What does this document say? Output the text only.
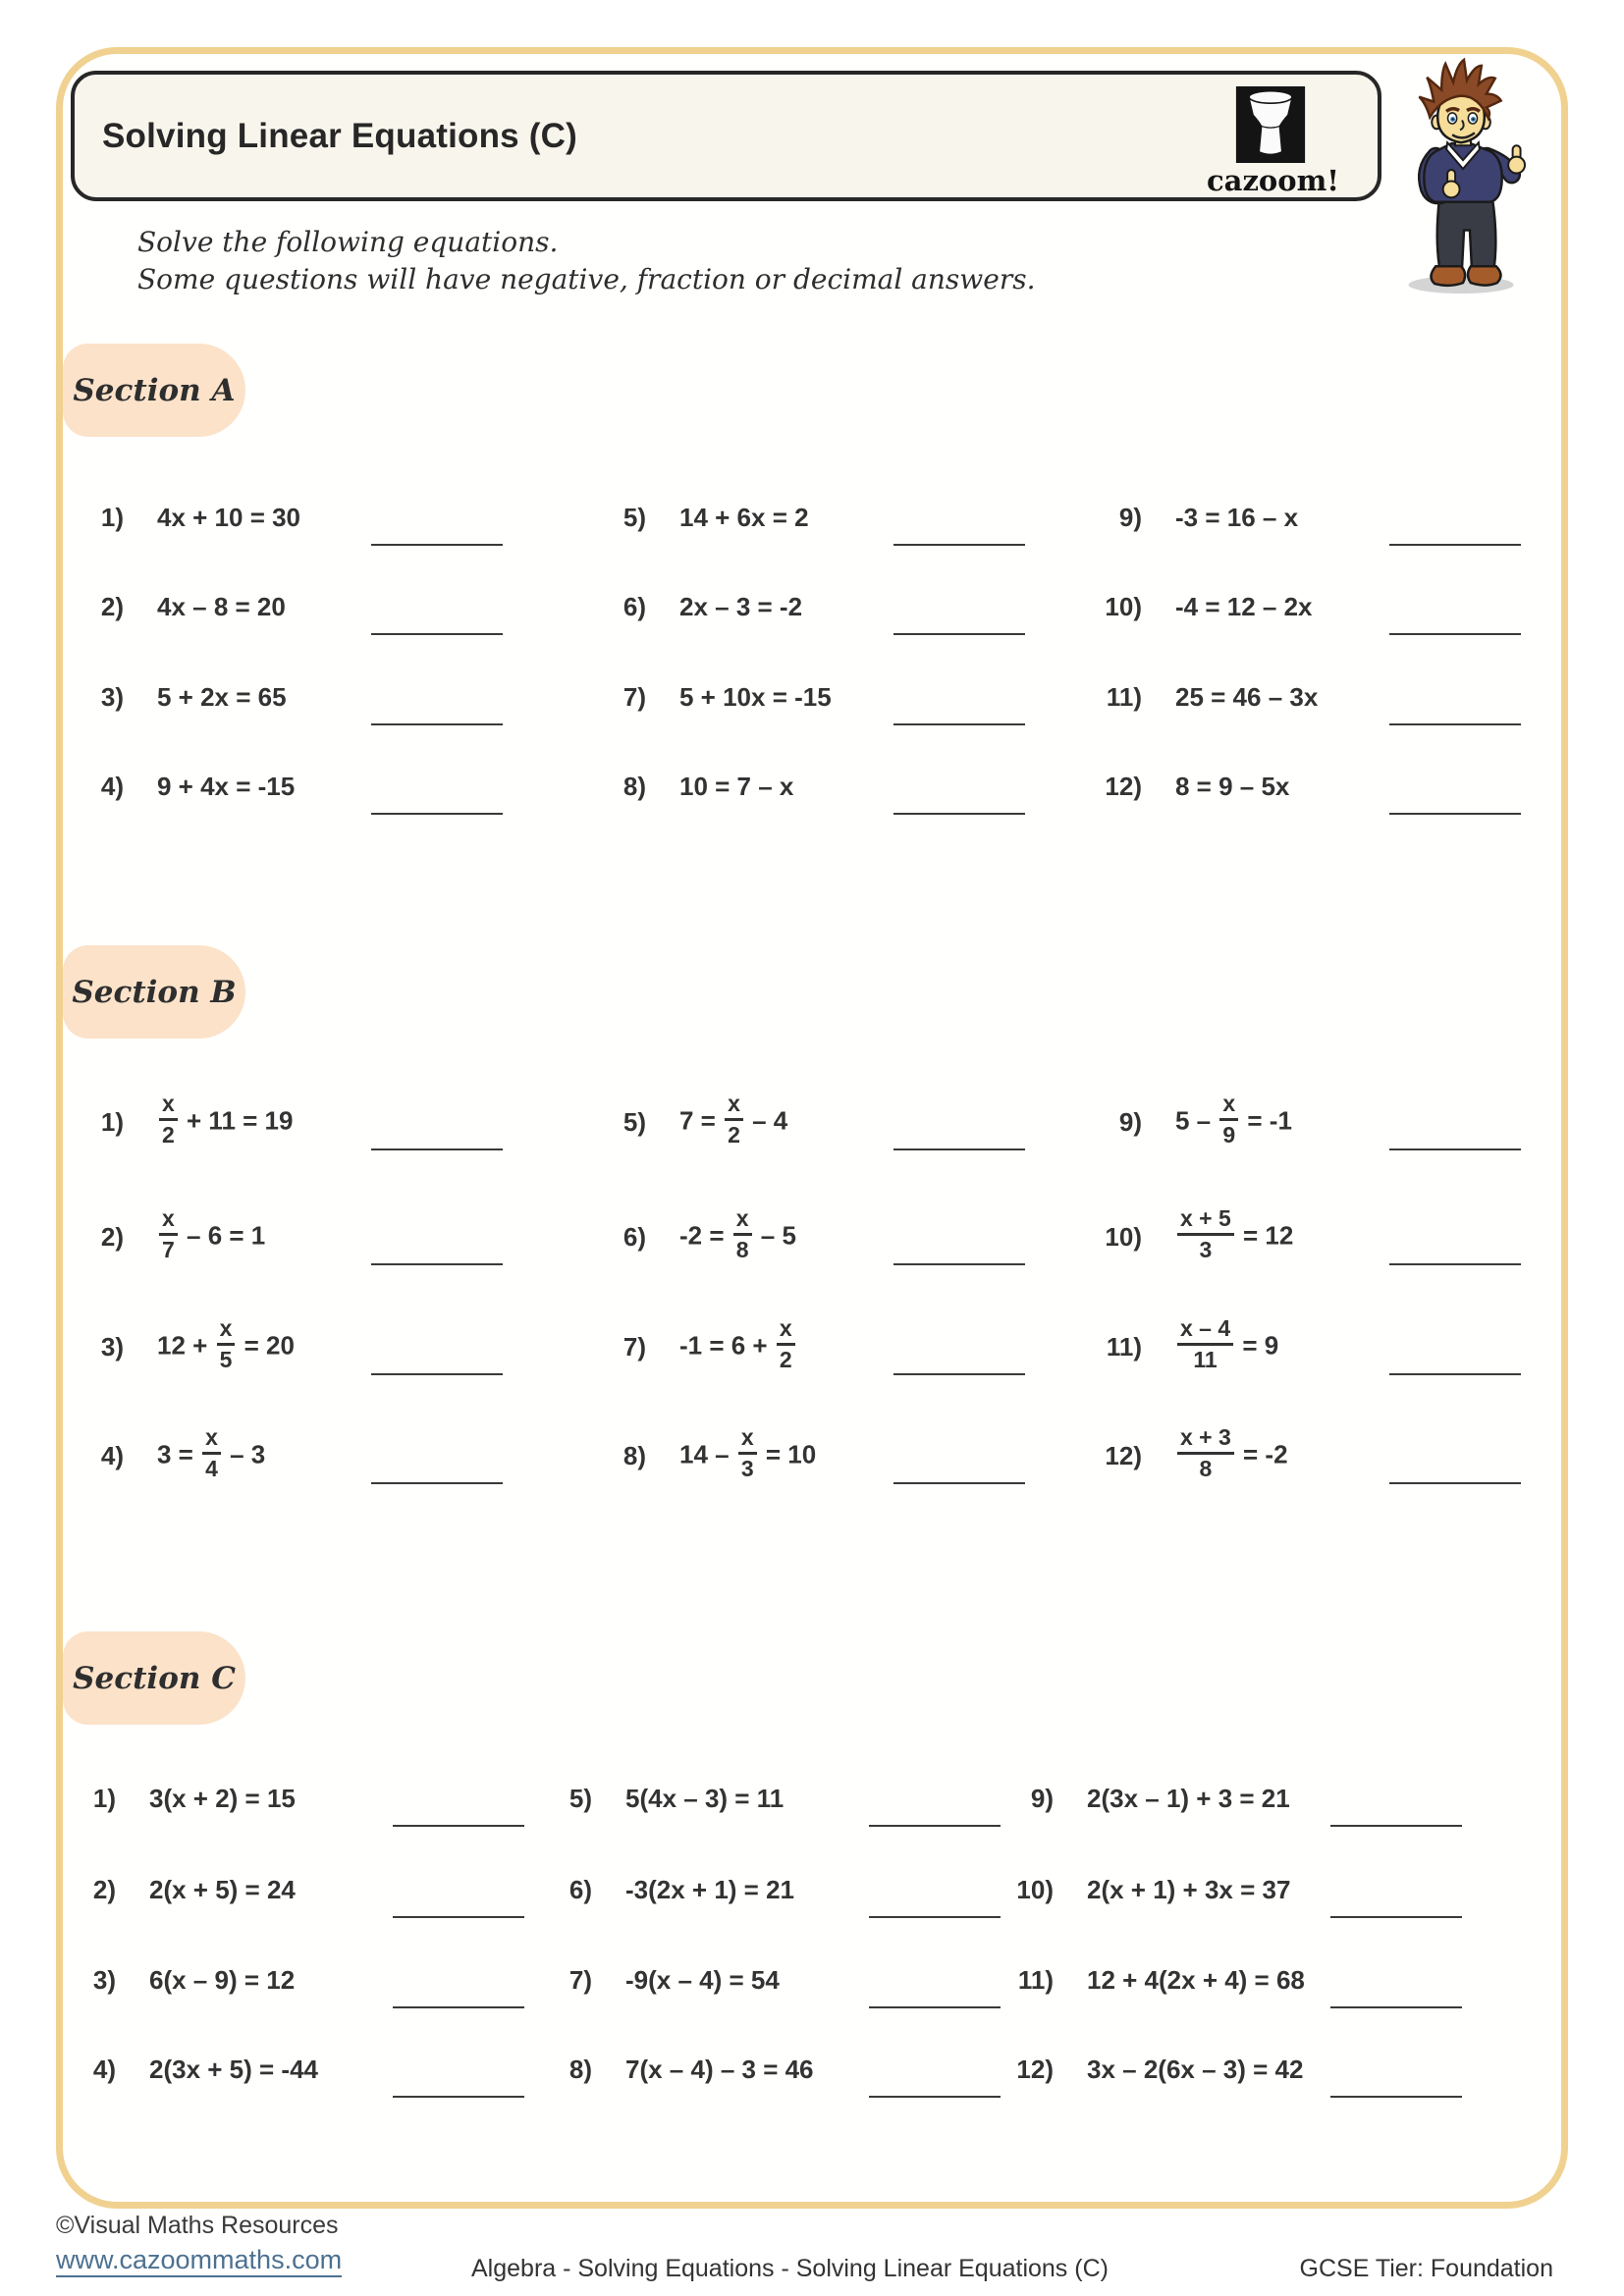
Solving Linear Equations (C)
cazoom!

Solve the following equations.

Some questions will have negative, fraction or decimal answers.

Section A
1) 4x + 10 = 30
2) 4x – 8 = 20
3) 5 + 2x = 65
4) 9 + 4x = -15
5) 14 + 6x = 2
6) 2x – 3 = -2
7) 5 + 10x = -15
8) 10 = 7 – x
9) -3 = 16 – x
10) -4 = 12 – 2x
11) 25 = 46 – 3x
12) 8 = 9 – 5x
Section B
$1) \frac{x}{2} + 11 = 19$
$2) \frac{x}{7} - 6 = 1$
3) $12 + \frac{x}{5} = 20$
4) $3 = \frac{x}{4} - 3$
5) $7 = \frac{x}{2} - 4$
6) $-2 = \frac{x}{8} - 5$
7) $-1 = 6 + \frac{x}{2}$
8) $14 - \frac{x}{3} = 10$
9) $5 - \frac{x}{9} = -1$
$10) \frac{x + 5}{3} = 12$
$11) \frac{x - 4}{11} = 9$
$12) \frac{x + 3}{8} = -2$
Section C
1) 3(x + 2) = 15
2) 2(x + 5) = 24
3) 6(x – 9) = 12
4) 2(3x + 5) = -44
5) 5(4x – 3) = 11
6) -3(2x + 1) = 21
7) -9(x – 4) = 54
8) 7(x – 4) – 3 = 46
9) 2(3x – 1) + 3 = 21
10) 2(x + 1) + 3x = 37
11) 12 + 4(2x + 4) = 68
12) 3x – 2(6x – 3) = 42
©Visual Maths Resources
www.cazoommaths.com	Algebra - Solving Equations - Solving Linear Equations (C)	GCSE Tier: Foundation
